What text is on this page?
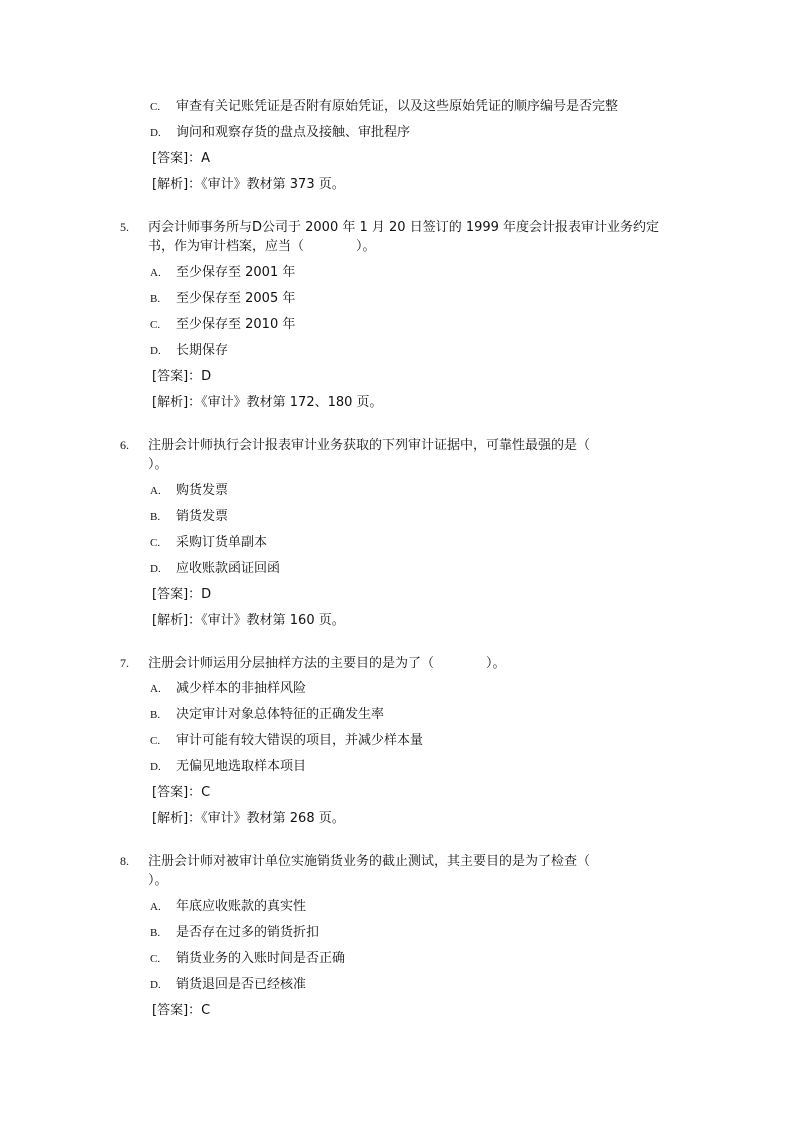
C. 审查有关记账凭证是否附有原始凭证，以及这些原始凭证的顺序编号是否完整
D. 询问和观察存货的盘点及接触、审批程序
[答案]：A
[解析]：《审计》教材第 373 页。
5. 丙会计师事务所与D公司于 2000 年 1 月 20 日签订的 1999 年度会计报表审计业务约定
书，作为审计档案，应当（　　　　）。
A. 至少保存至 2001 年
B. 至少保存至 2005 年
C. 至少保存至 2010 年
D. 长期保存
[答案]：D
[解析]：《审计》教材第 172、180 页。
6. 注册会计师执行会计报表审计业务获取的下列审计证据中，可靠性最强的是（
）。
A. 购货发票
B. 销货发票
C. 采购订货单副本
D. 应收账款函证回函
[答案]：D
[解析]：《审计》教材第 160 页。
7. 注册会计师运用分层抽样方法的主要目的是为了（　　　　）。
A. 减少样本的非抽样风险
B. 决定审计对象总体特征的正确发生率
C. 审计可能有较大错误的项目，并减少样本量
D. 无偏见地选取样本项目
[答案]：C
[解析]：《审计》教材第 268 页。
8. 注册会计师对被审计单位实施销货业务的截止测试，其主要目的是为了检查（
）。
A. 年底应收账款的真实性
B. 是否存在过多的销货折扣
C. 销货业务的入账时间是否正确
D. 销货退回是否已经核准
[答案]：C
